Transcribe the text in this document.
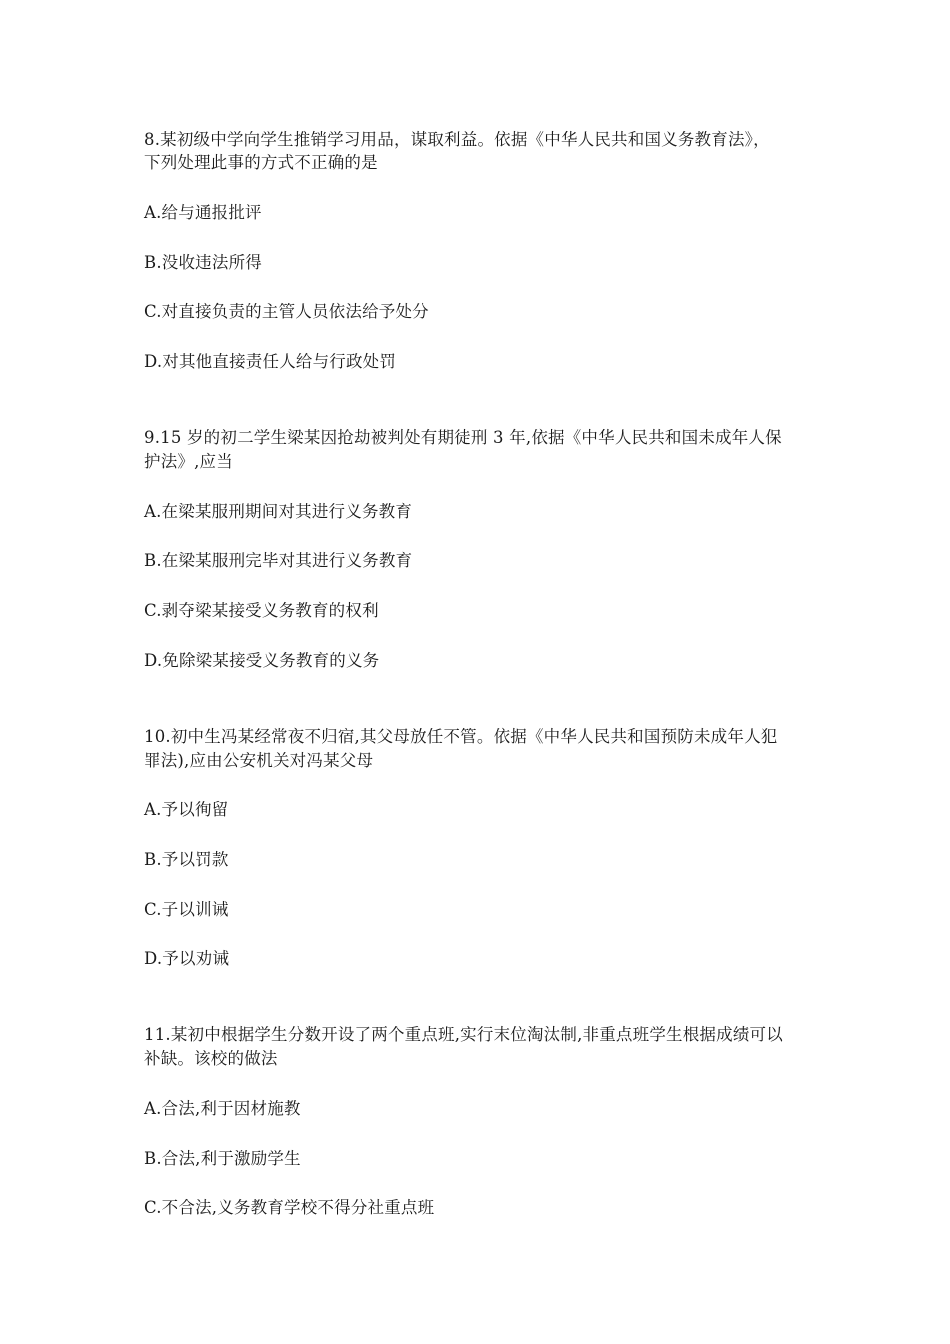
8.某初级中学向学生推销学习用品，谋取利益。依据《中华人民共和国义务教育法》，
下列处理此事的方式不正确的是
A.给与通报批评
B.没收违法所得
C.对直接负责的主管人员依法给予处分
D.对其他直接责任人给与行政处罚
9.15 岁的初二学生梁某因抢劫被判处有期徒刑 3 年,依据《中华人民共和国未成年人保
护法》,应当
A.在梁某服刑期间对其进行义务教育
B.在梁某服刑完毕对其进行义务教育
C.剥夺梁某接受义务教育的权利
D.免除梁某接受义务教育的义务
10.初中生冯某经常夜不归宿,其父母放任不管。依据《中华人民共和国预防未成年人犯
罪法),应由公安机关对冯某父母
A.予以徇留
B.予以罚款
C.子以训诫
D.予以劝诫
11.某初中根据学生分数开设了两个重点班,实行末位淘汰制,非重点班学生根据成绩可以
补缺。该校的做法
A.合法,利于因材施教
B.合法,利于激励学生
C.不合法,义务教育学校不得分社重点班
